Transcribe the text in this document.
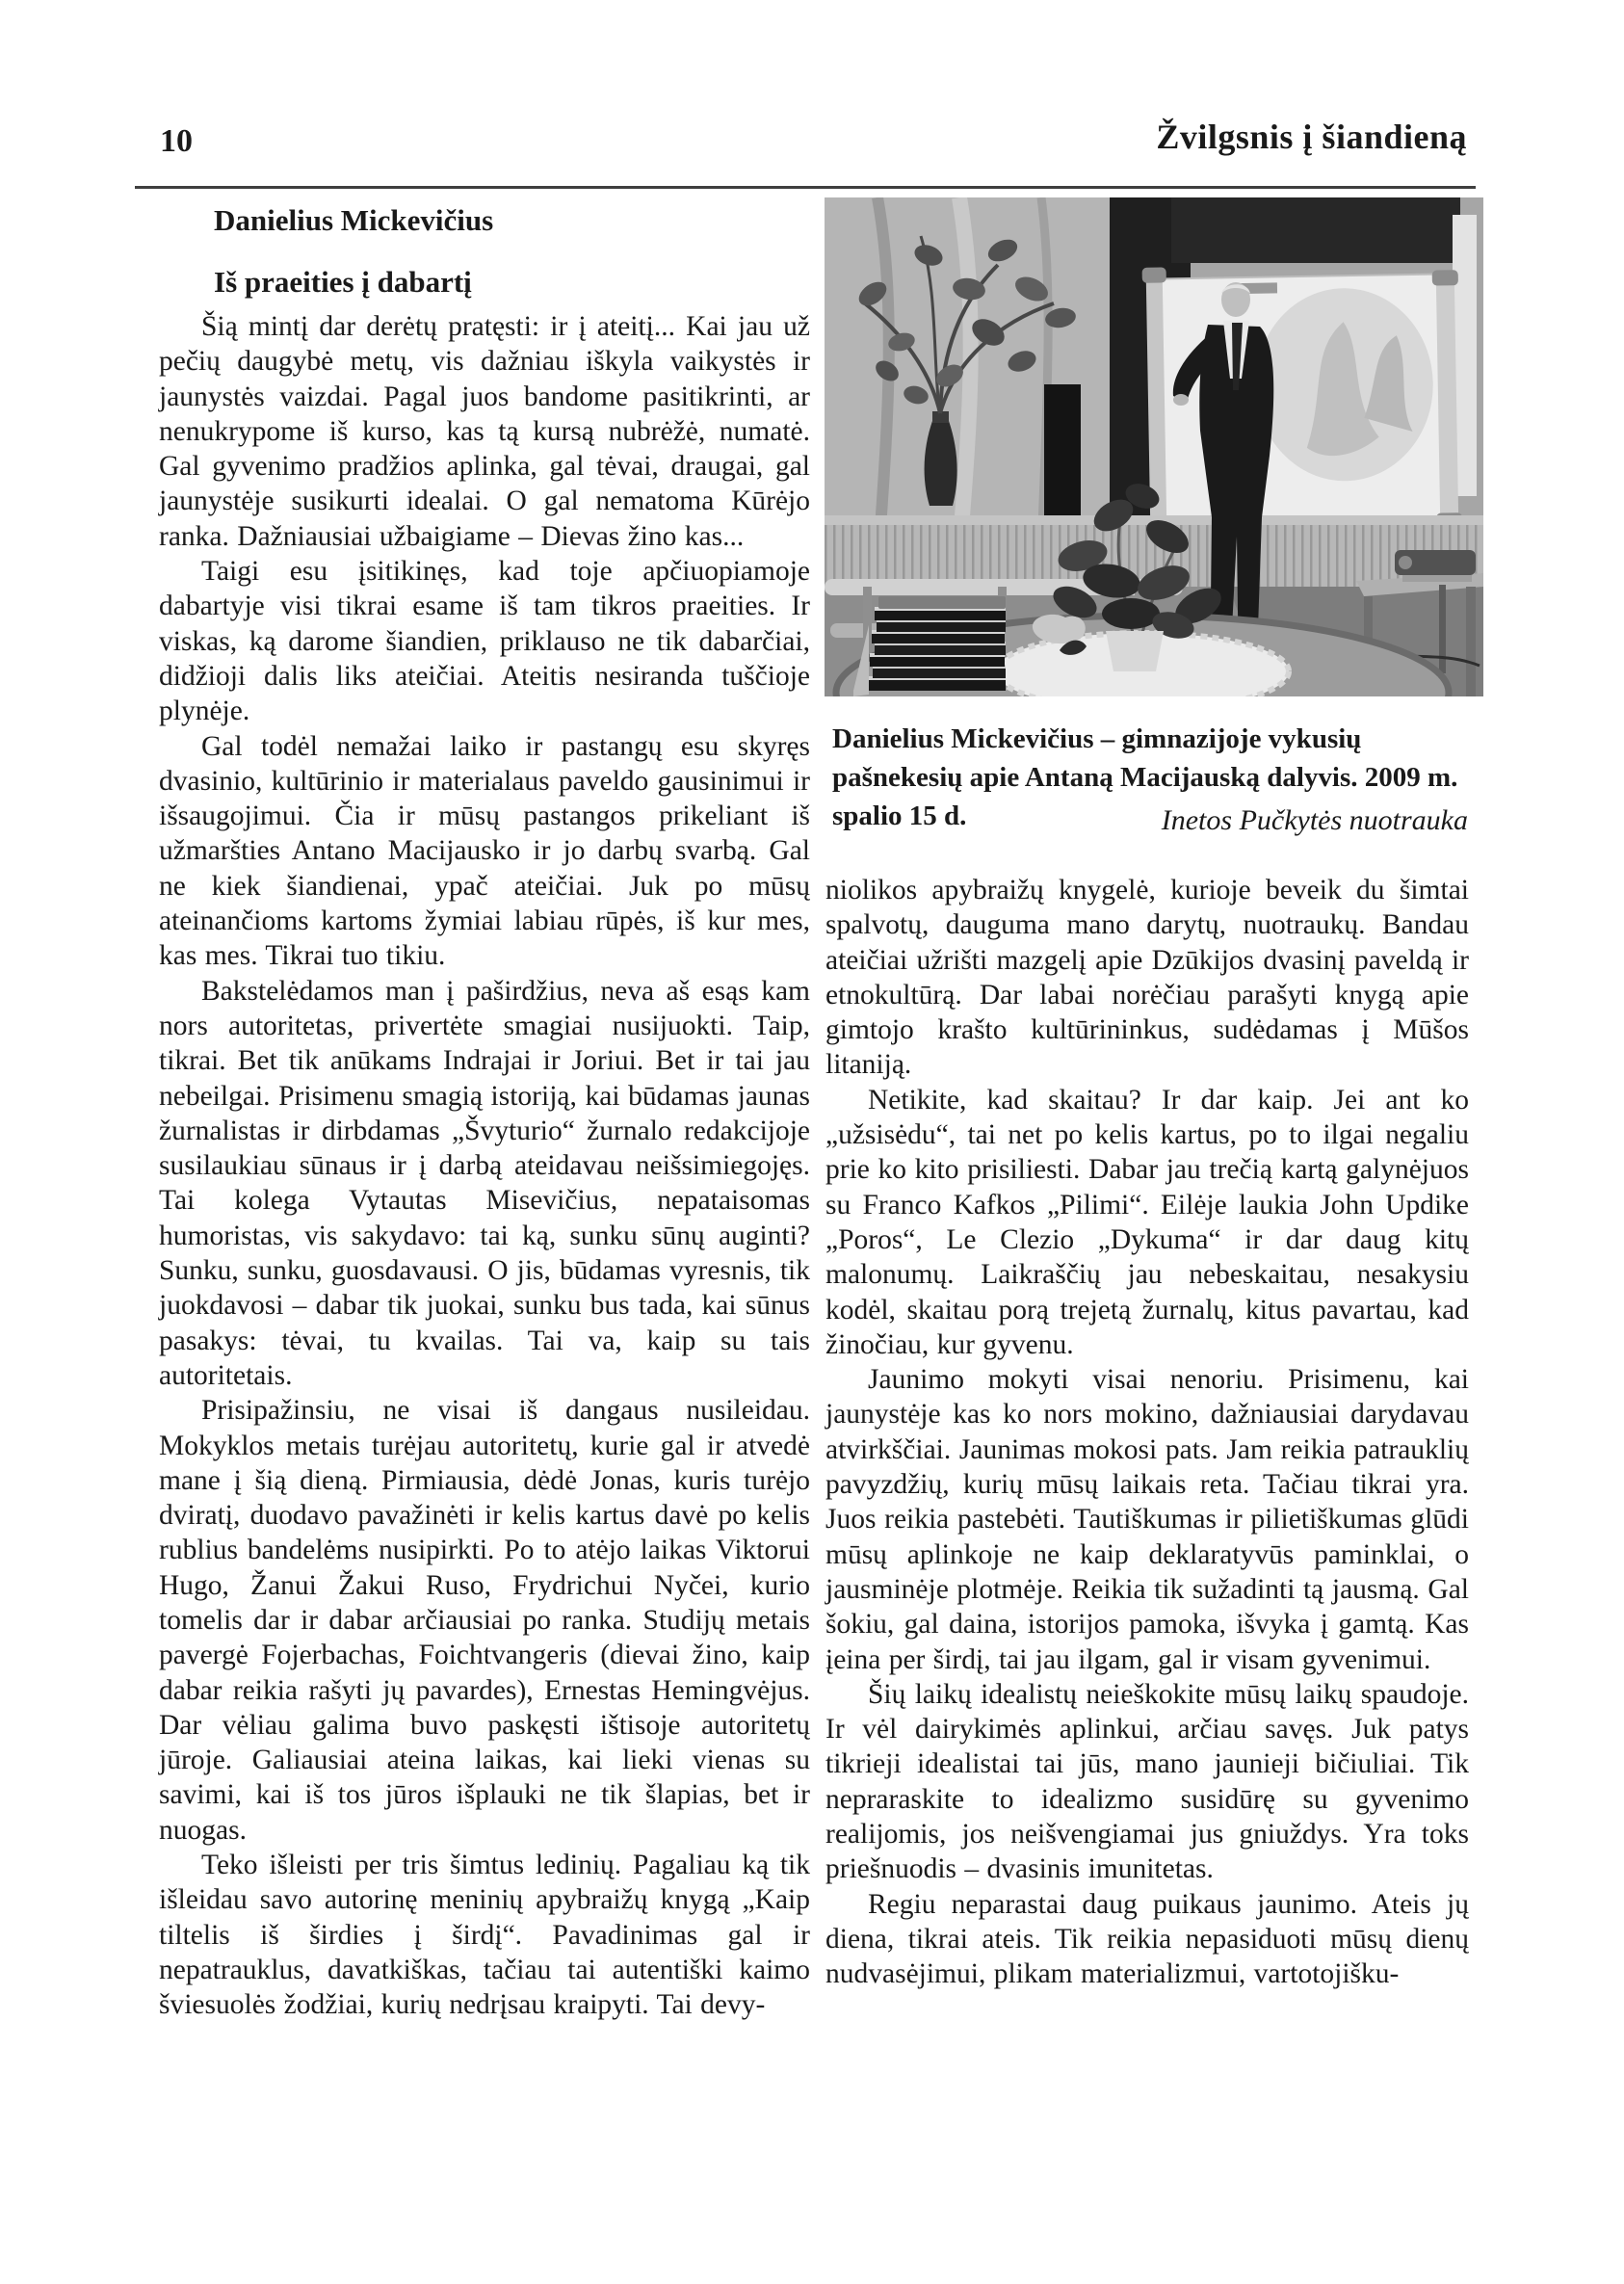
10	Žvilgsnis į šiandieną
Danielius Mickevičius
Iš praeities į dabartį

Šią mintį dar derėtų pratęsti: ir į ateitį... Kai jau už pečių daugybė metų, vis dažniau iškyla vaikystės ir jaunystės vaizdai. Pagal juos bandome pasitikrinti, ar nenukrypome iš kurso, kas tą kursą nubrėžė, numatė. Gal gyvenimo pradžios aplinka, gal tėvai, draugai, gal jaunystėje susikurti idealai. O gal nematoma Kūrėjo ranka. Dažniausiai užbaigiame – Dievas žino kas...

Taigi esu įsitikinęs, kad toje apčiuopiamoje dabartyje visi tikrai esame iš tam tikros praeities. Ir viskas, ką darome šiandien, priklauso ne tik dabarčiai, didžioji dalis liks ateičiai. Ateitis nesiranda tuščioje plynėje.

Gal todėl nemažai laiko ir pastangų esu skyręs dvasinio, kultūrinio ir materialaus paveldo gausinimui ir išsaugojimui. Čia ir mūsų pastangos prikeliant iš užmaršties Antano Macijausko ir jo darbų svarbą. Gal ne kiek šiandienai, ypač ateičiai. Juk po mūsų ateinančioms kartoms žymiai labiau rūpės, iš kur mes, kas mes. Tikrai tuo tikiu.

Bakstelėdamos man į paširdžius, neva aš esąs kam nors autoritetas, privertėte smagiai nusijuokti. Taip, tikrai. Bet tik anūkams Indrajai ir Joriui. Bet ir tai jau nebeilgai. Prisimenu smagią istoriją, kai būdamas jaunas žurnalistas ir dirbdamas „Švyturio“ žurnalo redakcijoje susilaukiau sūnaus ir į darbą ateidavau neišsimiegojęs. Tai kolega Vytautas Misevičius, nepataisomas humoristas, vis sakydavo: tai ką, sunku sūnų auginti? Sunku, sunku, guosdavausi. O jis, būdamas vyresnis, tik juokdavosi – dabar tik juokai, sunku bus tada, kai sūnus pasakys: tėvai, tu kvailas. Tai va, kaip su tais autoritetais.

Prisipažinsiu, ne visai iš dangaus nusileidau. Mokyklos metais turėjau autoritetų, kurie gal ir atvedė mane į šią dieną. Pirmiausia, dėdė Jonas, kuris turėjo dviratį, duodavo pavažinėti ir kelis kartus davė po kelis rublius bandelėms nusipirkti. Po to atėjo laikas Viktorui Hugo, Žanui Žakui Ruso, Frydrichui Nyčei, kurio tomelis dar ir dabar arčiausiai po ranka. Studijų metais pavergė Fojerbachas, Foichtvangeris (dievai žino, kaip dabar reikia rašyti jų pavardes), Ernestas Hemingvėjus. Dar vėliau galima buvo paskęsti ištisoje autoritetų jūroje. Galiausiai ateina laikas, kai lieki vienas su savimi, kai iš tos jūros išplauki ne tik šlapias, bet ir nuogas.

Teko išleisti per tris šimtus ledinių. Pagaliau ką tik išleidau savo autorinę meninių apybraižų knygą „Kaip tiltelis iš širdies į širdį“. Pavadinimas gal ir nepatrauklus, davatkiškas, tačiau tai autentiški kaimo šviesuolės žodžiai, kurių nedrįsau kraipyti. Tai devy-

Danielius Mickevičius – gimnazijoje vykusių pašnekesių apie Antaną Macijauską dalyvis. 2009 m. spalio 15 d.	Inetos Pučkytės nuotrauka

niolikos apybraižų knygelė, kurioje beveik du šimtai spalvotų, dauguma mano darytų, nuotraukų. Bandau ateičiai užrišti mazgelį apie Dzūkijos dvasinį paveldą ir etnokultūrą. Dar labai norėčiau parašyti knygą apie gimtojo krašto kultūrininkus, sudėdamas į Mūšos litaniją.

Netikite, kad skaitau? Ir dar kaip. Jei ant ko „užsisėdu“, tai net po kelis kartus, po to ilgai negaliu prie ko kito prisiliesti. Dabar jau trečią kartą galynėjuos su Franco Kafkos „Pilimi“. Eilėje laukia John Updike „Poros“, Le Clezio „Dykuma“ ir dar daug kitų malonumų. Laikraščių jau nebeskaitau, nesakysiu kodėl, skaitau porą trejetą žurnalų, kitus pavartau, kad žinočiau, kur gyvenu.

Jaunimo mokyti visai nenoriu. Prisimenu, kai jaunystėje kas ko nors mokino, dažniausiai darydavau atvirkščiai. Jaunimas mokosi pats. Jam reikia patrauklių pavyzdžių, kurių mūsų laikais reta. Tačiau tikrai yra. Juos reikia pastebėti. Tautiškumas ir pilietiškumas glūdi mūsų aplinkoje ne kaip deklaratyvūs paminklai, o jausminėje plotmėje. Reikia tik sužadinti tą jausmą. Gal šokiu, gal daina, istorijos pamoka, išvyka į gamtą. Kas įeina per širdį, tai jau ilgam, gal ir visam gyvenimui.

Šių laikų idealistų neieškokite mūsų laikų spaudoje. Ir vėl dairykimės aplinkui, arčiau savęs. Juk patys tikrieji idealistai tai jūs, mano jaunieji bičiuliai. Tik nepraraskite to idealizmo susidūrę su gyvenimo realijomis, jos neišvengiamai jus gniuždys. Yra toks priešnuodis – dvasinis imunitetas.

Regiu neparastai daug puikaus jaunimo. Ateis jų diena, tikrai ateis. Tik reikia nepasiduoti mūsų dienų nudvasėjimui, plikam materializmui, vartotojišku-
